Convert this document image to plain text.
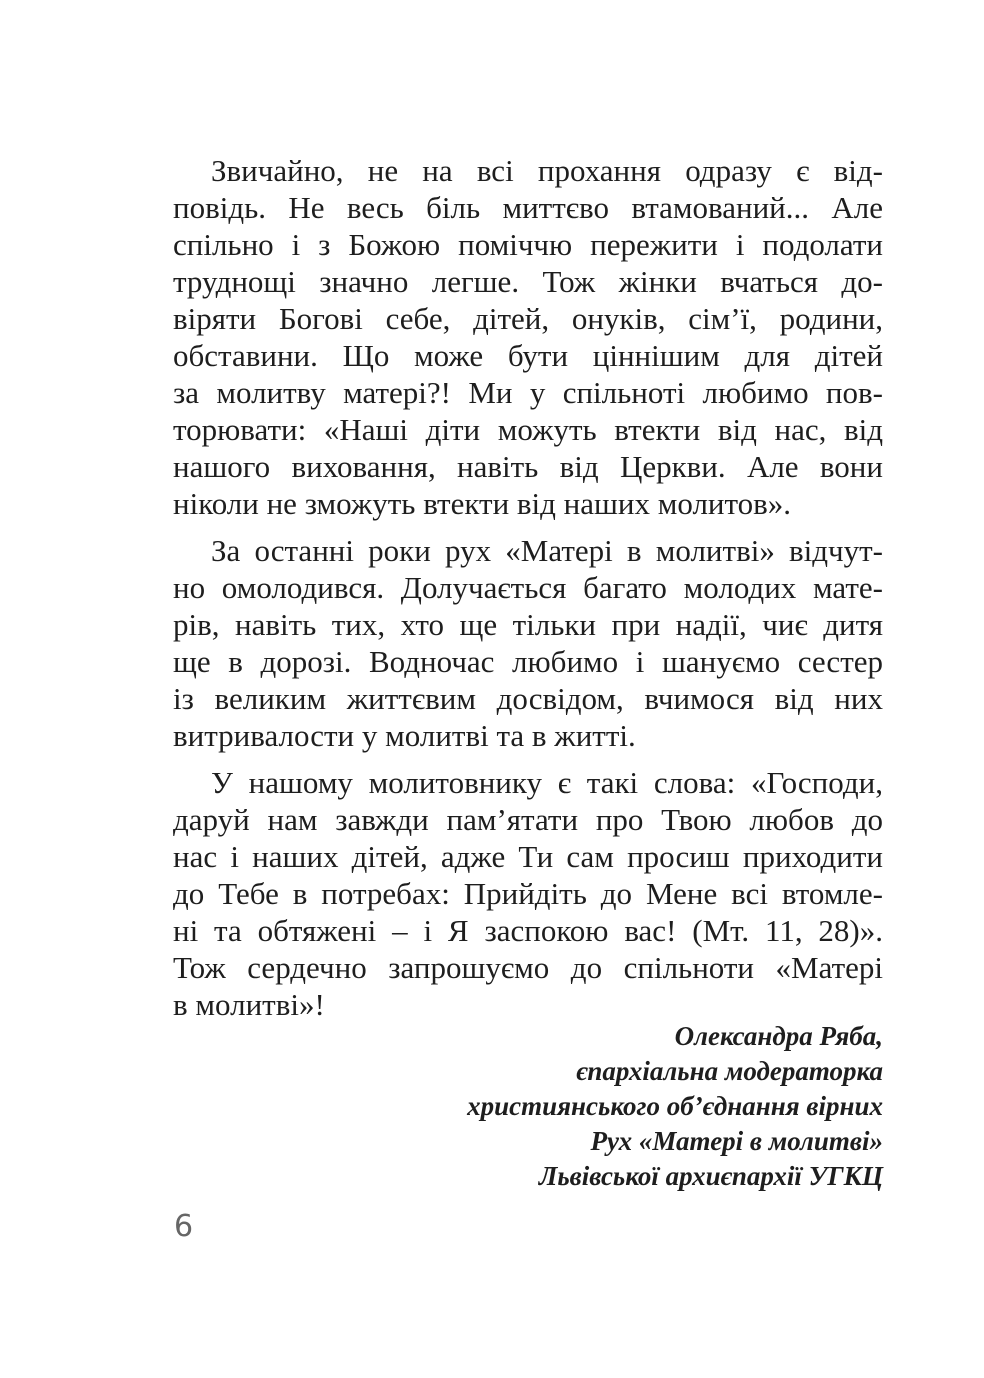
Звичайно, не на всі прохання одразу є від-
повідь. Не весь біль миттєво втамований... Але
спільно і з Божою поміччю пережити і подолати
труднощі значно легше. Тож жінки вчаться до-
віряти Богові себе, дітей, онуків, сім’ї, родини,
обставини. Що може бути ціннішим для дітей
за молитву матері?! Ми у спільноті любимо пов-
торювати: «Наші діти можуть втекти від нас, від
нашого виховання, навіть від Церкви. Але вони
ніколи не зможуть втекти від наших молитов».

За останні роки рух «Матері в молитві» відчут-
но омолодився. Долучається багато молодих мате-
рів, навіть тих, хто ще тільки при надії, чиє дитя
ще в дорозі. Водночас любимо і шануємо сестер
із великим життєвим досвідом, вчимося від них
витривалости у молитві та в житті.

У нашому молитовнику є такі слова: «Господи,
даруй нам завжди пам’ятати про Твою любов до
нас і наших дітей, адже Ти сам просиш приходити
до Тебе в потребах: Прийдіть до Мене всі втомле-
ні та обтяжені – і Я заспокою вас! (Мт. 11, 28)».
Тож сердечно запрошуємо до спільноти «Матері
в молитві»!

Олександра Ряба,
єпархіальна модераторка
християнського об’єднання вірних
Рух «Матері в молитві»
Львівської архиєпархії УГКЦ
6
